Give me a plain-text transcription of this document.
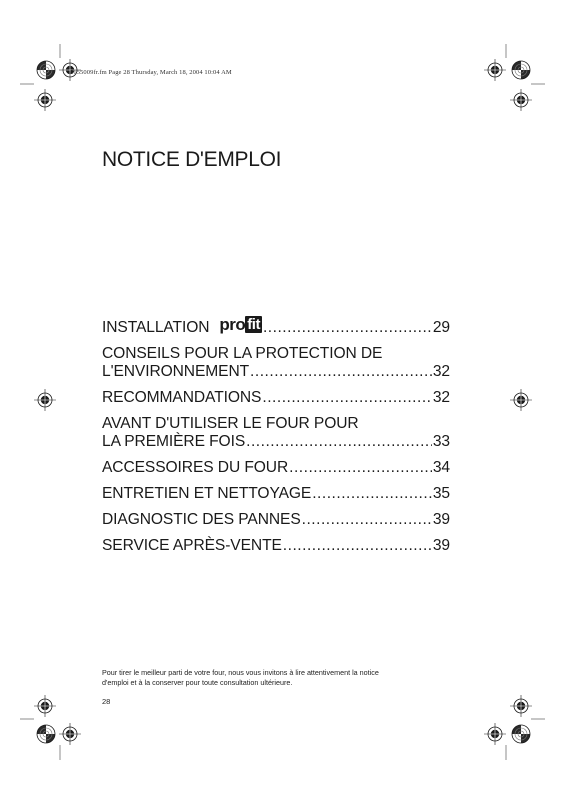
5655009fr.fm Page 28 Thursday, March 18, 2004 10:04 AM
NOTICE D'EMPLOI
INSTALLATION pro fit .....	29
CONSEILS POUR LA PROTECTION DE
L'ENVIRONNEMENT .....	32
RECOMMANDATIONS .....	32
AVANT D'UTILISER LE FOUR POUR
LA PREMIÈRE FOIS .....	33
ACCESSOIRES DU FOUR .....	34
ENTRETIEN ET NETTOYAGE .....	35
DIAGNOSTIC DES PANNES .....	39
SERVICE APRÈS-VENTE .....	39
Pour tirer le meilleur parti de votre four, nous vous invitons à lire attentivement la notice
d'emploi et à la conserver pour toute consultation ultérieure.
28
